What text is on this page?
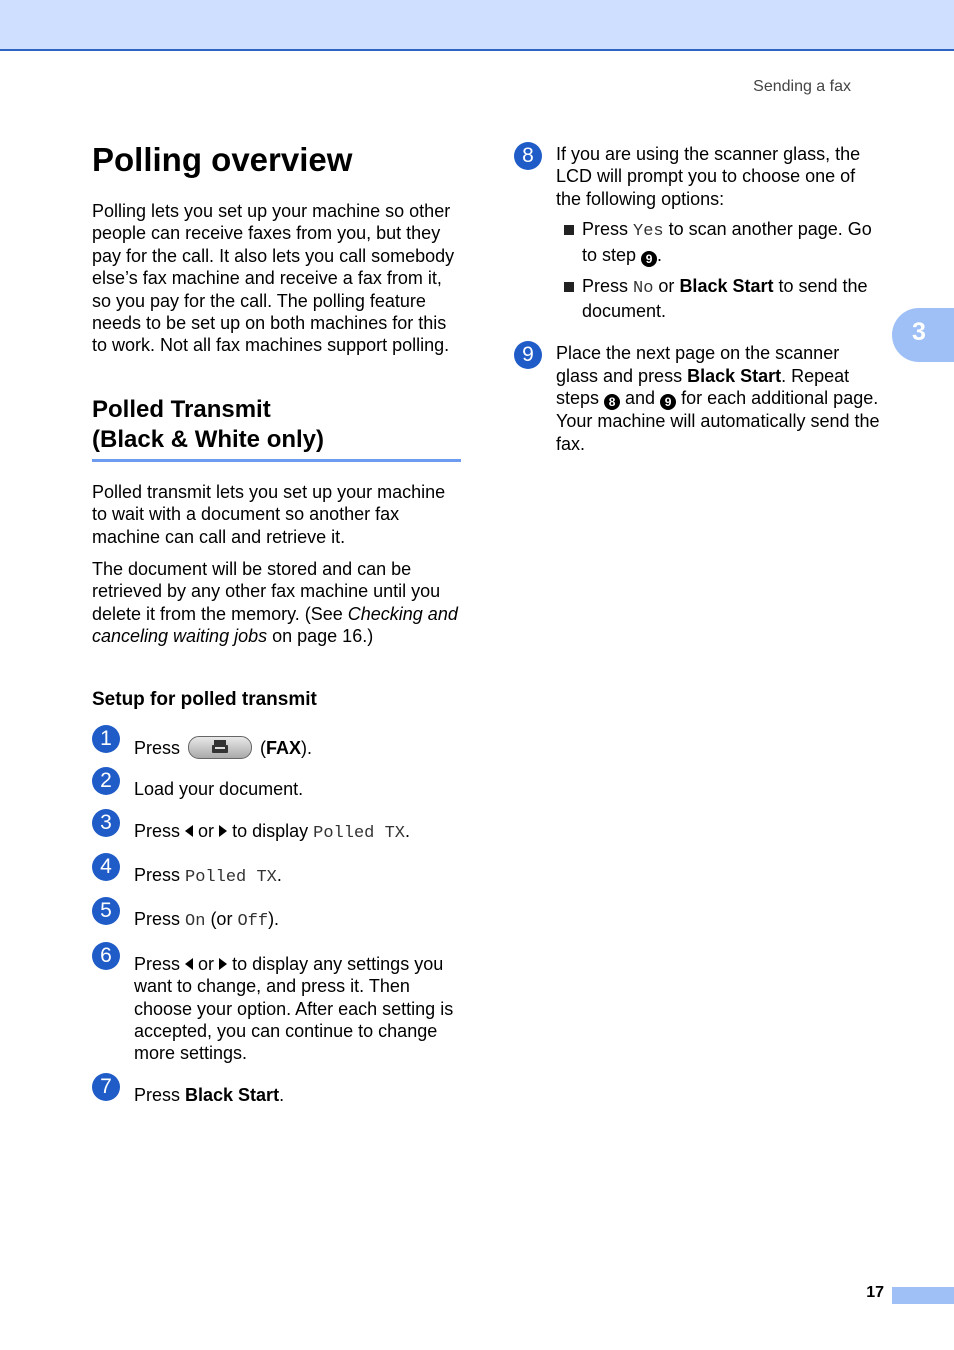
Sending a fax
3
Polling overview

Polling lets you set up your machine so other people can receive faxes from you, but they pay for the call. It also lets you call somebody else’s fax machine and receive a fax from it, so you pay for the call. The polling feature needs to be set up on both machines for this to work. Not all fax machines support polling.

Polled Transmit
(Black & White only)

Polled transmit lets you set up your machine to wait with a document so another fax machine can call and retrieve it.

The document will be stored and can be retrieved by any other fax machine until you delete it from the memory. (See Checking and canceling waiting jobs on page 16.)

Setup for polled transmit
1	Press	(FAX).
2	Load your document.
3	Press or to display Polled TX.
4	Press Polled TX.
5	Press On (or Off).
6	Press or to display any settings you want to change, and press it. Then choose your option. After each setting is accepted, you can continue to change more settings.
7	Press Black Start.
8	If you are using the scanner glass, the LCD will prompt you to choose one of the following options:

Press Yes to scan another page. Go to step 9 .
Press No or Black Start to send the document.
9	Place the next page on the scanner glass and press Black Start. Repeat steps 8 and 9 for each additional page.

Your machine will automatically send the fax.

17
